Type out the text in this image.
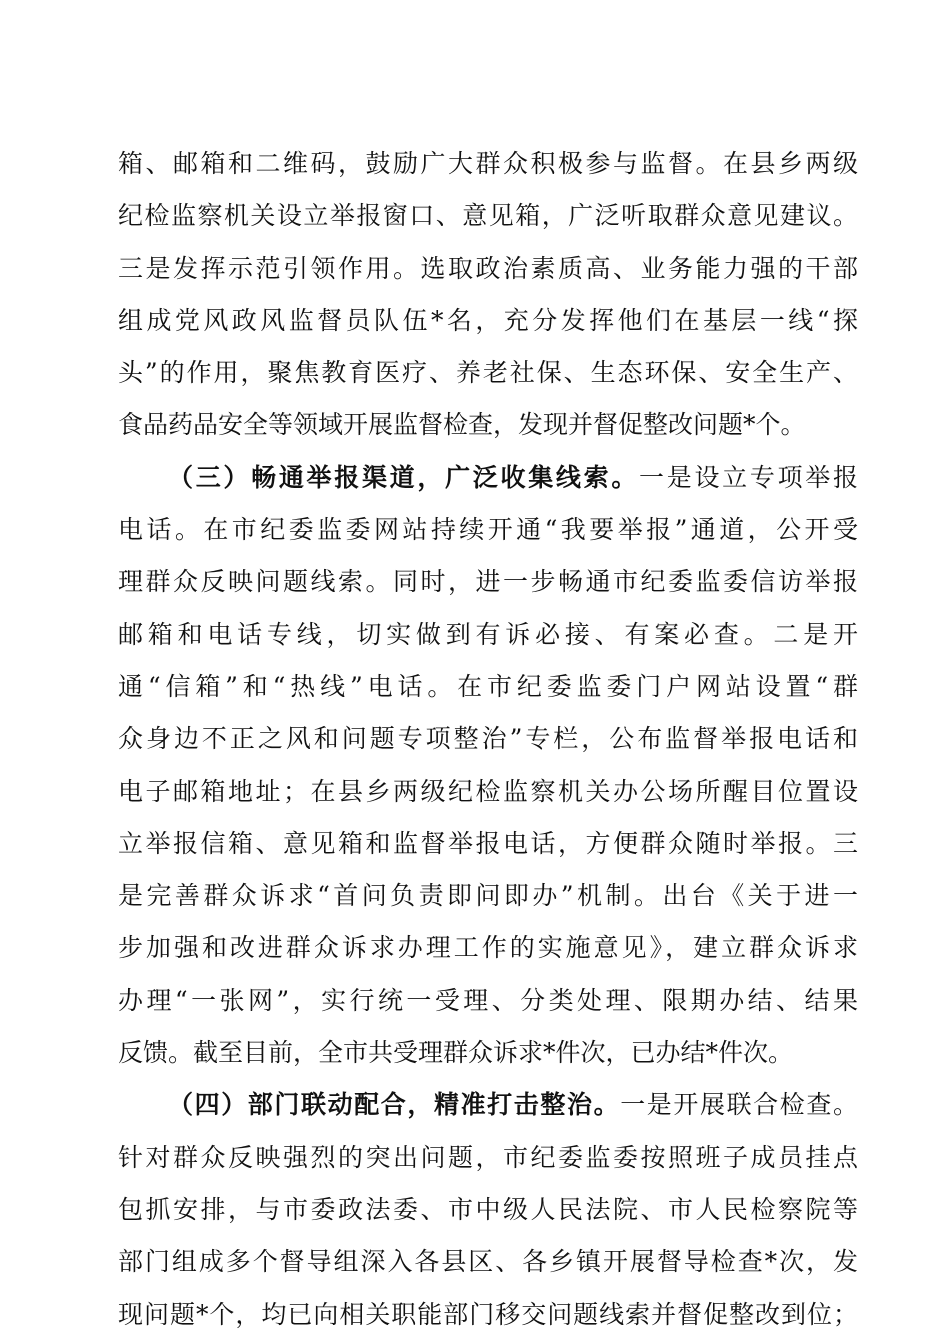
箱、邮箱和二维码，鼓励广大群众积极参与监督。在县乡两级
纪检监察机关设立举报窗口、意见箱，广泛听取群众意见建议。
三是发挥示范引领作用。选取政治素质高、业务能力强的干部
组成党风政风监督员队伍*名，充分发挥他们在基层一线“探
头”的作用，聚焦教育医疗、养老社保、生态环保、安全生产、
食品药品安全等领域开展监督检查，发现并督促整改问题*个。
（三）畅通举报渠道，广泛收集线索。一是设立专项举报
电话。在市纪委监委网站持续开通“我要举报”通道，公开受
理群众反映问题线索。同时，进一步畅通市纪委监委信访举报
邮箱和电话专线，切实做到有诉必接、有案必查。二是开
通“信箱”和“热线”电话。在市纪委监委门户网站设置“群
众身边不正之风和问题专项整治”专栏，公布监督举报电话和
电子邮箱地址；在县乡两级纪检监察机关办公场所醒目位置设
立举报信箱、意见箱和监督举报电话，方便群众随时举报。三
是完善群众诉求“首问负责即问即办”机制。出台《关于进一
步加强和改进群众诉求办理工作的实施意见》，建立群众诉求
办理“一张网”，实行统一受理、分类处理、限期办结、结果
反馈。截至目前，全市共受理群众诉求*件次，已办结*件次。
（四）部门联动配合，精准打击整治。一是开展联合检查。
针对群众反映强烈的突出问题，市纪委监委按照班子成员挂点
包抓安排，与市委政法委、市中级人民法院、市人民检察院等
部门组成多个督导组深入各县区、各乡镇开展督导检查*次，发
现问题*个，均已向相关职能部门移交问题线索并督促整改到位；
